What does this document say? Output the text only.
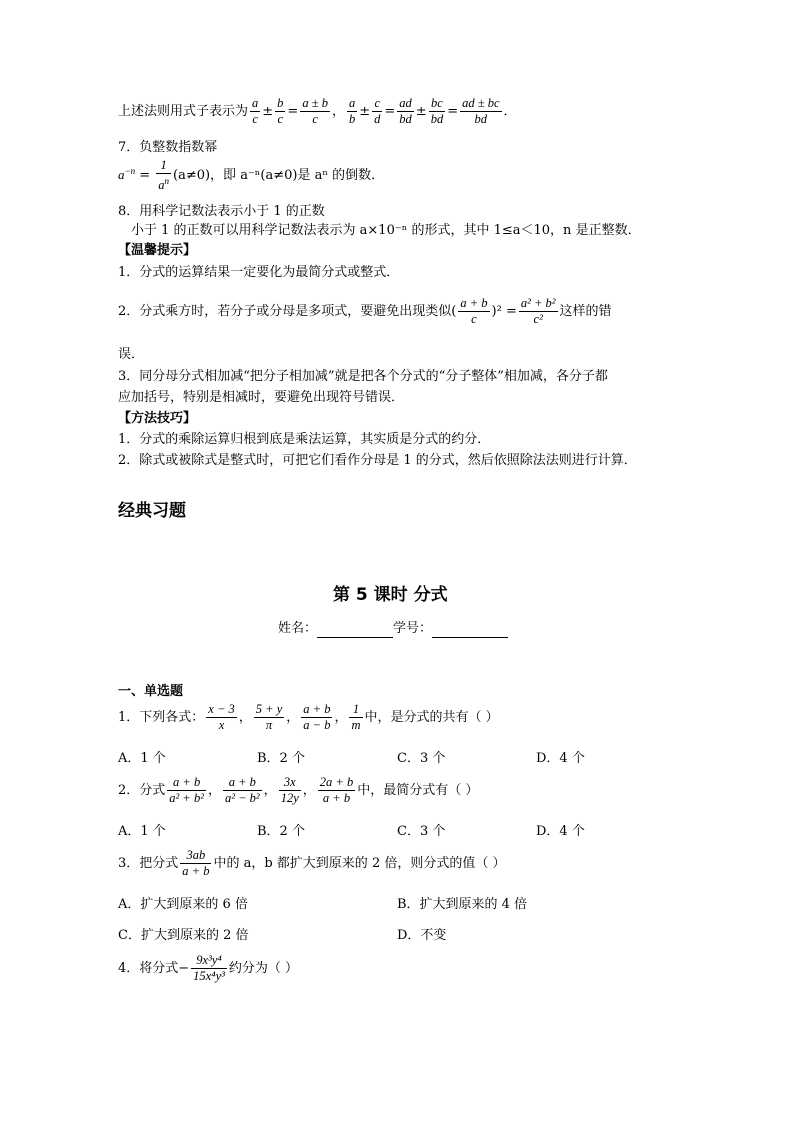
上述法则用式子表示为 $\frac{a}{c} \pm \frac{b}{c} = \frac{a \pm b}{c}$ ， $\frac{a}{b} \pm \frac{c}{d} = \frac{ad}{bd} \pm \frac{bc}{bd} = \frac{ad \pm bc}{bd}$ ．
7．负整数指数幂
$a^{-n} = \frac{1}{a^n} (a\ne 0)$，即 a⁻ⁿ(a≠0)是 aⁿ 的倒数．
8．用科学记数法表示小于 1 的正数
小于 1 的正数可以用科学记数法表示为 a×10⁻ⁿ 的形式，其中 1≤a＜10，n 是正整数．
【温馨提示】
1．分式的运算结果一定要化为最简分式或整式．
2．分式乘方时，若分子或分母是多项式，要避免出现类似( $\frac{a + b}{c} )^2 = \frac{\text{a² + b²}}{\text{c²}}$ 这样的错
误．
3．同分母分式相加减“把分子相加减”就是把各个分式的“分子整体”相加减，各分子都
应加括号，特别是相减时，要避免出现符号错误．
【方法技巧】
1．分式的乘除运算归根到底是乘法运算，其实质是分式的约分．
2．除式或被除式是整式时，可把它们看作分母是 1 的分式，然后依照除法法则进行计算．
经典习题
第 5 课时 分式
姓名：	学号：
一、单选题
1．下列各式： $\frac{x - 3}{x}$ ， $\frac{5 + y}{\pi}$ ， $\frac{a + b}{a - b}$ ， $\frac{1}{m}$ 中，是分式的共有（ ）
A．1 个	B．2 个	C．3 个	D．4 个
2．分式 $\frac{a + b}{\text{a² + b²}}$ ， $\frac{a + b}{\text{a² − b²}}$ ， $\frac{3x}{12y}$ ， $\frac{2a + b}{a + b}$ 中，最简分式有（ ）
A．1 个	B．2 个	C．3 个	D．4 个
3．把分式 $\frac{3ab}{a + b}$ 中的 a，b 都扩大到原来的 2 倍，则分式的值（ ）
A．扩大到原来的 6 倍	B．扩大到原来的 4 倍
C．扩大到原来的 2 倍	D．不变
4．将分式− $\frac{\text{9x³y⁴}}{\text{15x⁴y³}}$ 约分为（ ）
